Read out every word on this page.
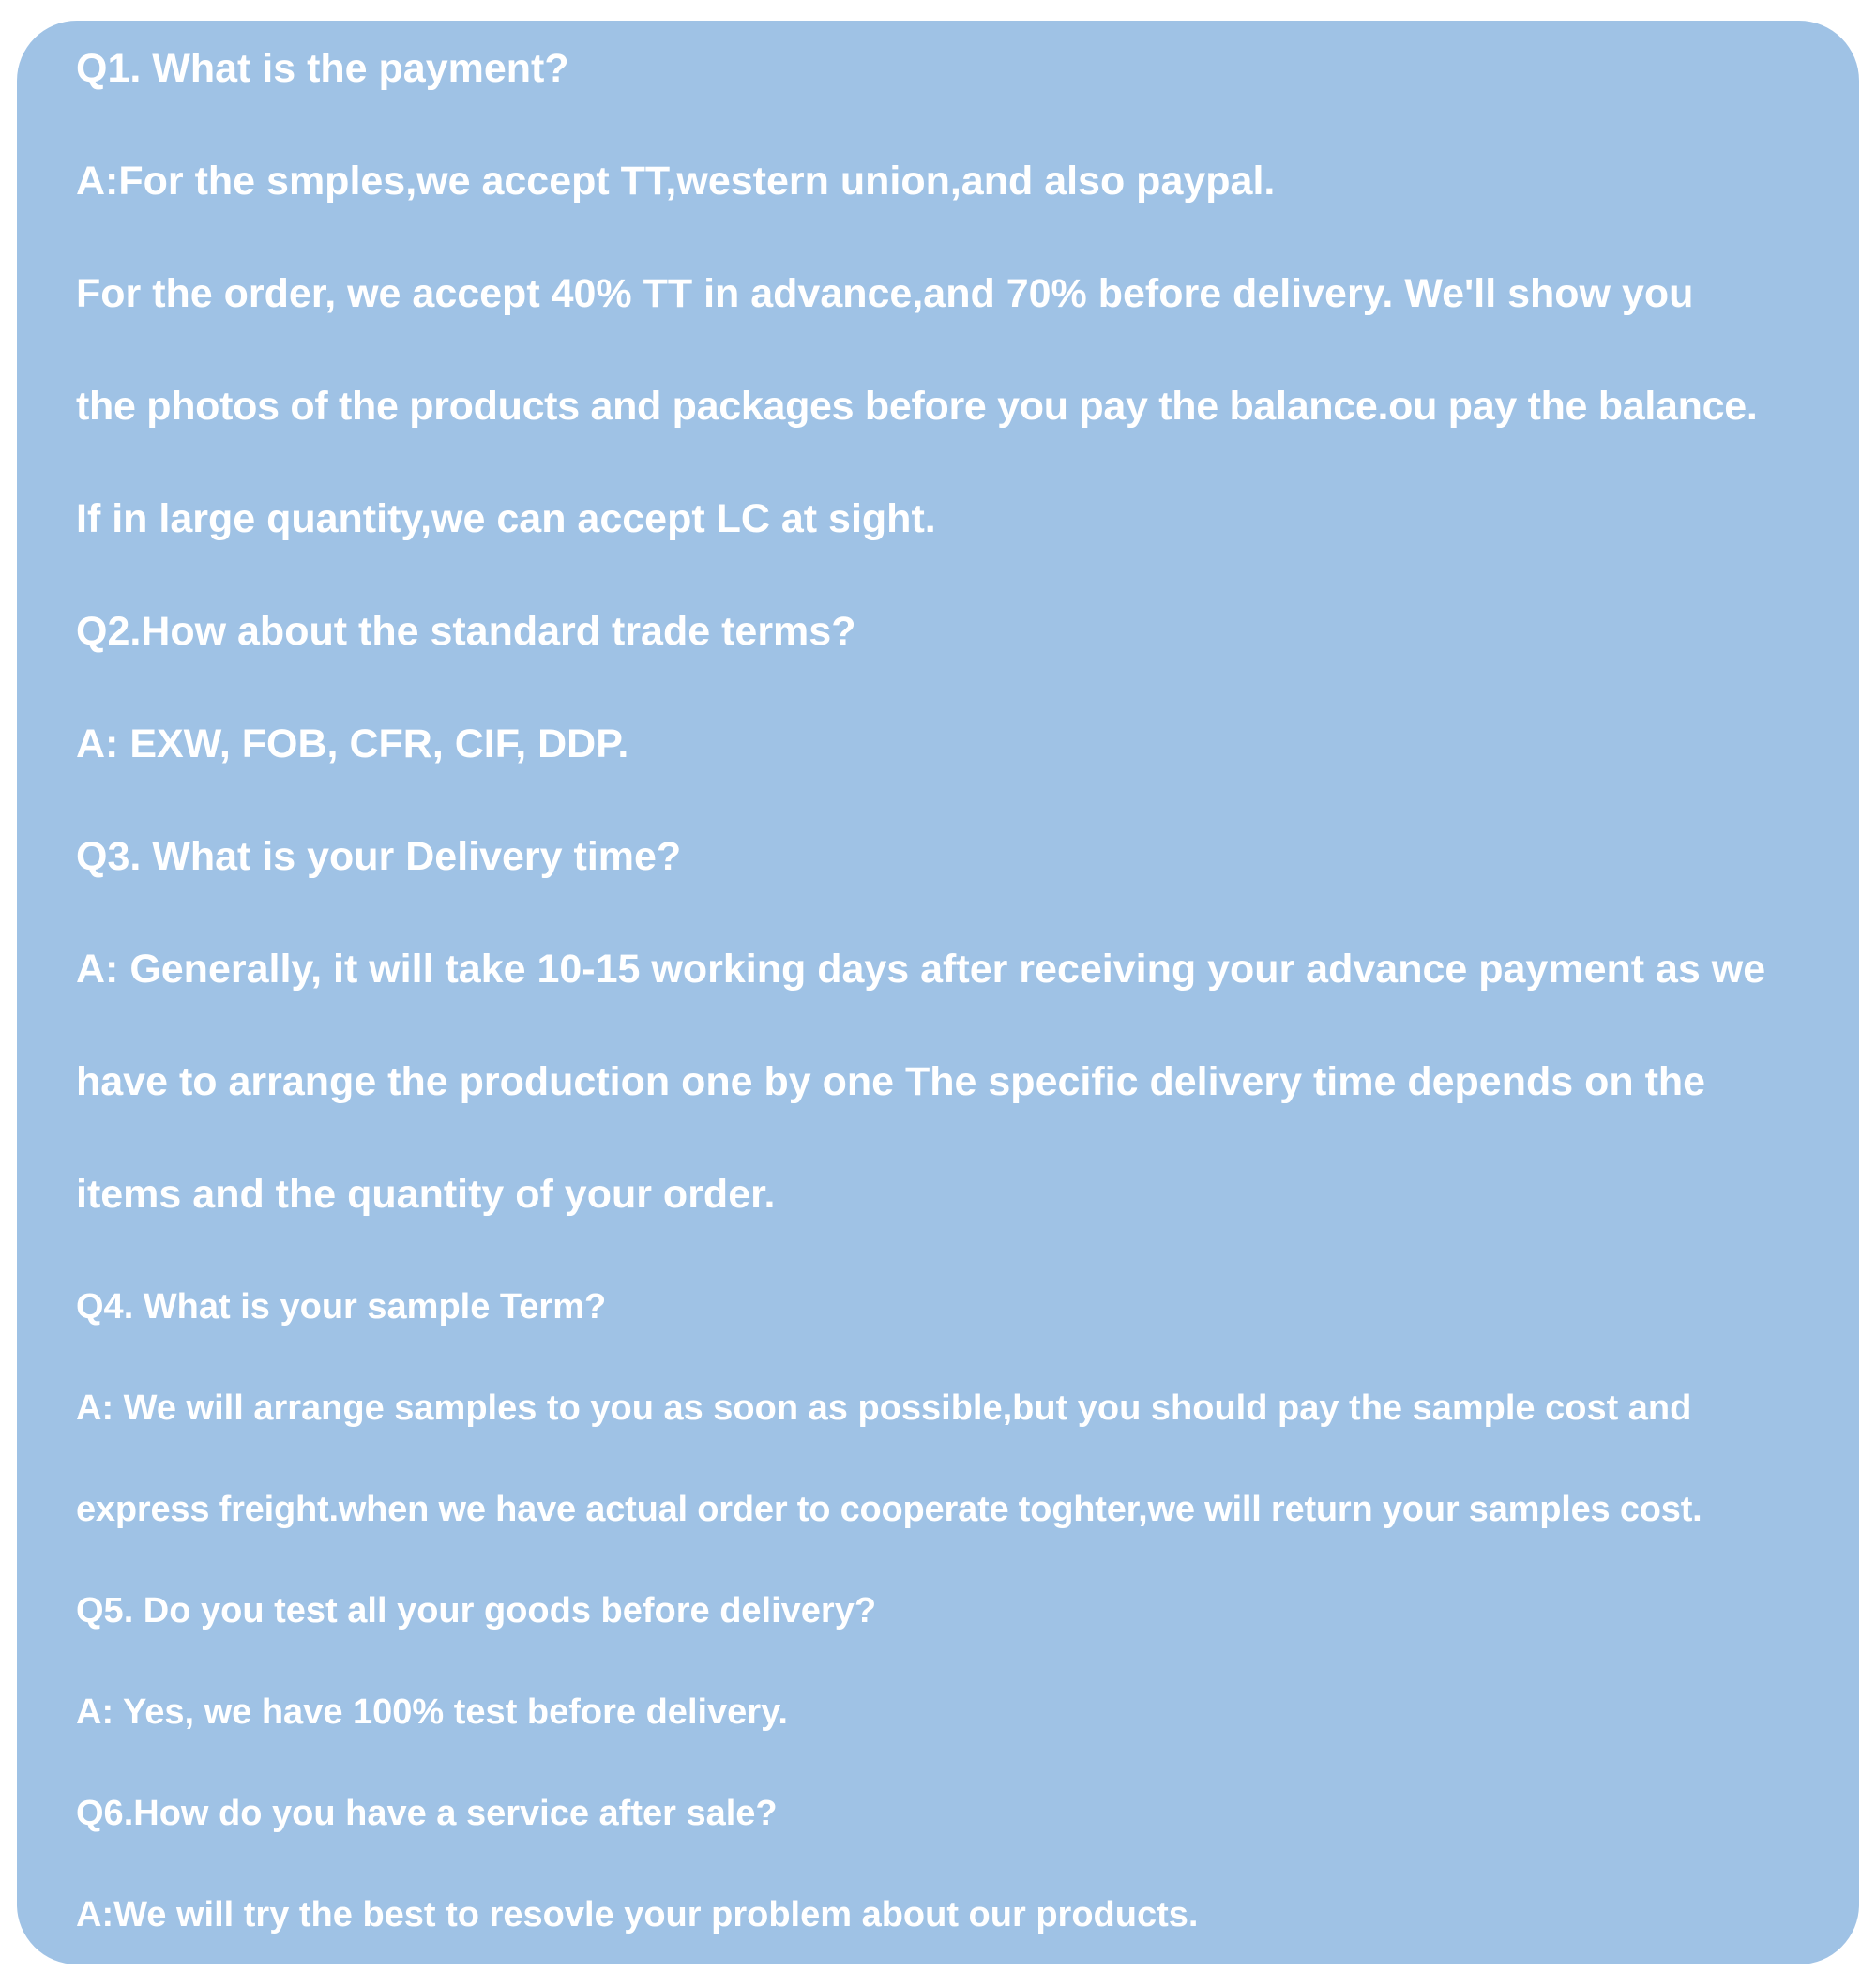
Q1. What is the payment?

A:For the smples,we accept TT,western union,and also paypal.

For the order, we accept 40% TT in advance,and 70% before delivery. We'll show you

the photos of the products and packages before you pay the balance.ou pay the balance.

If in large quantity,we can accept LC at sight.

Q2.How about the standard trade terms?

A: EXW, FOB, CFR, CIF, DDP.

Q3. What is your Delivery time?

A: Generally, it will take 10-15 working days after receiving your advance payment as we

have to arrange the production one by one The specific delivery time depends on the

items and the quantity of your order.

Q4. What is your sample Term?

A: We will arrange samples to you as soon as possible,but you should pay the sample cost and

express freight.when we have actual order to cooperate toghter,we will return your samples cost.

Q5. Do you test all your goods before delivery?

A: Yes, we have 100% test before delivery.

Q6.How do you have a service after sale?

A:We will try the best to resovle your problem about our products.
